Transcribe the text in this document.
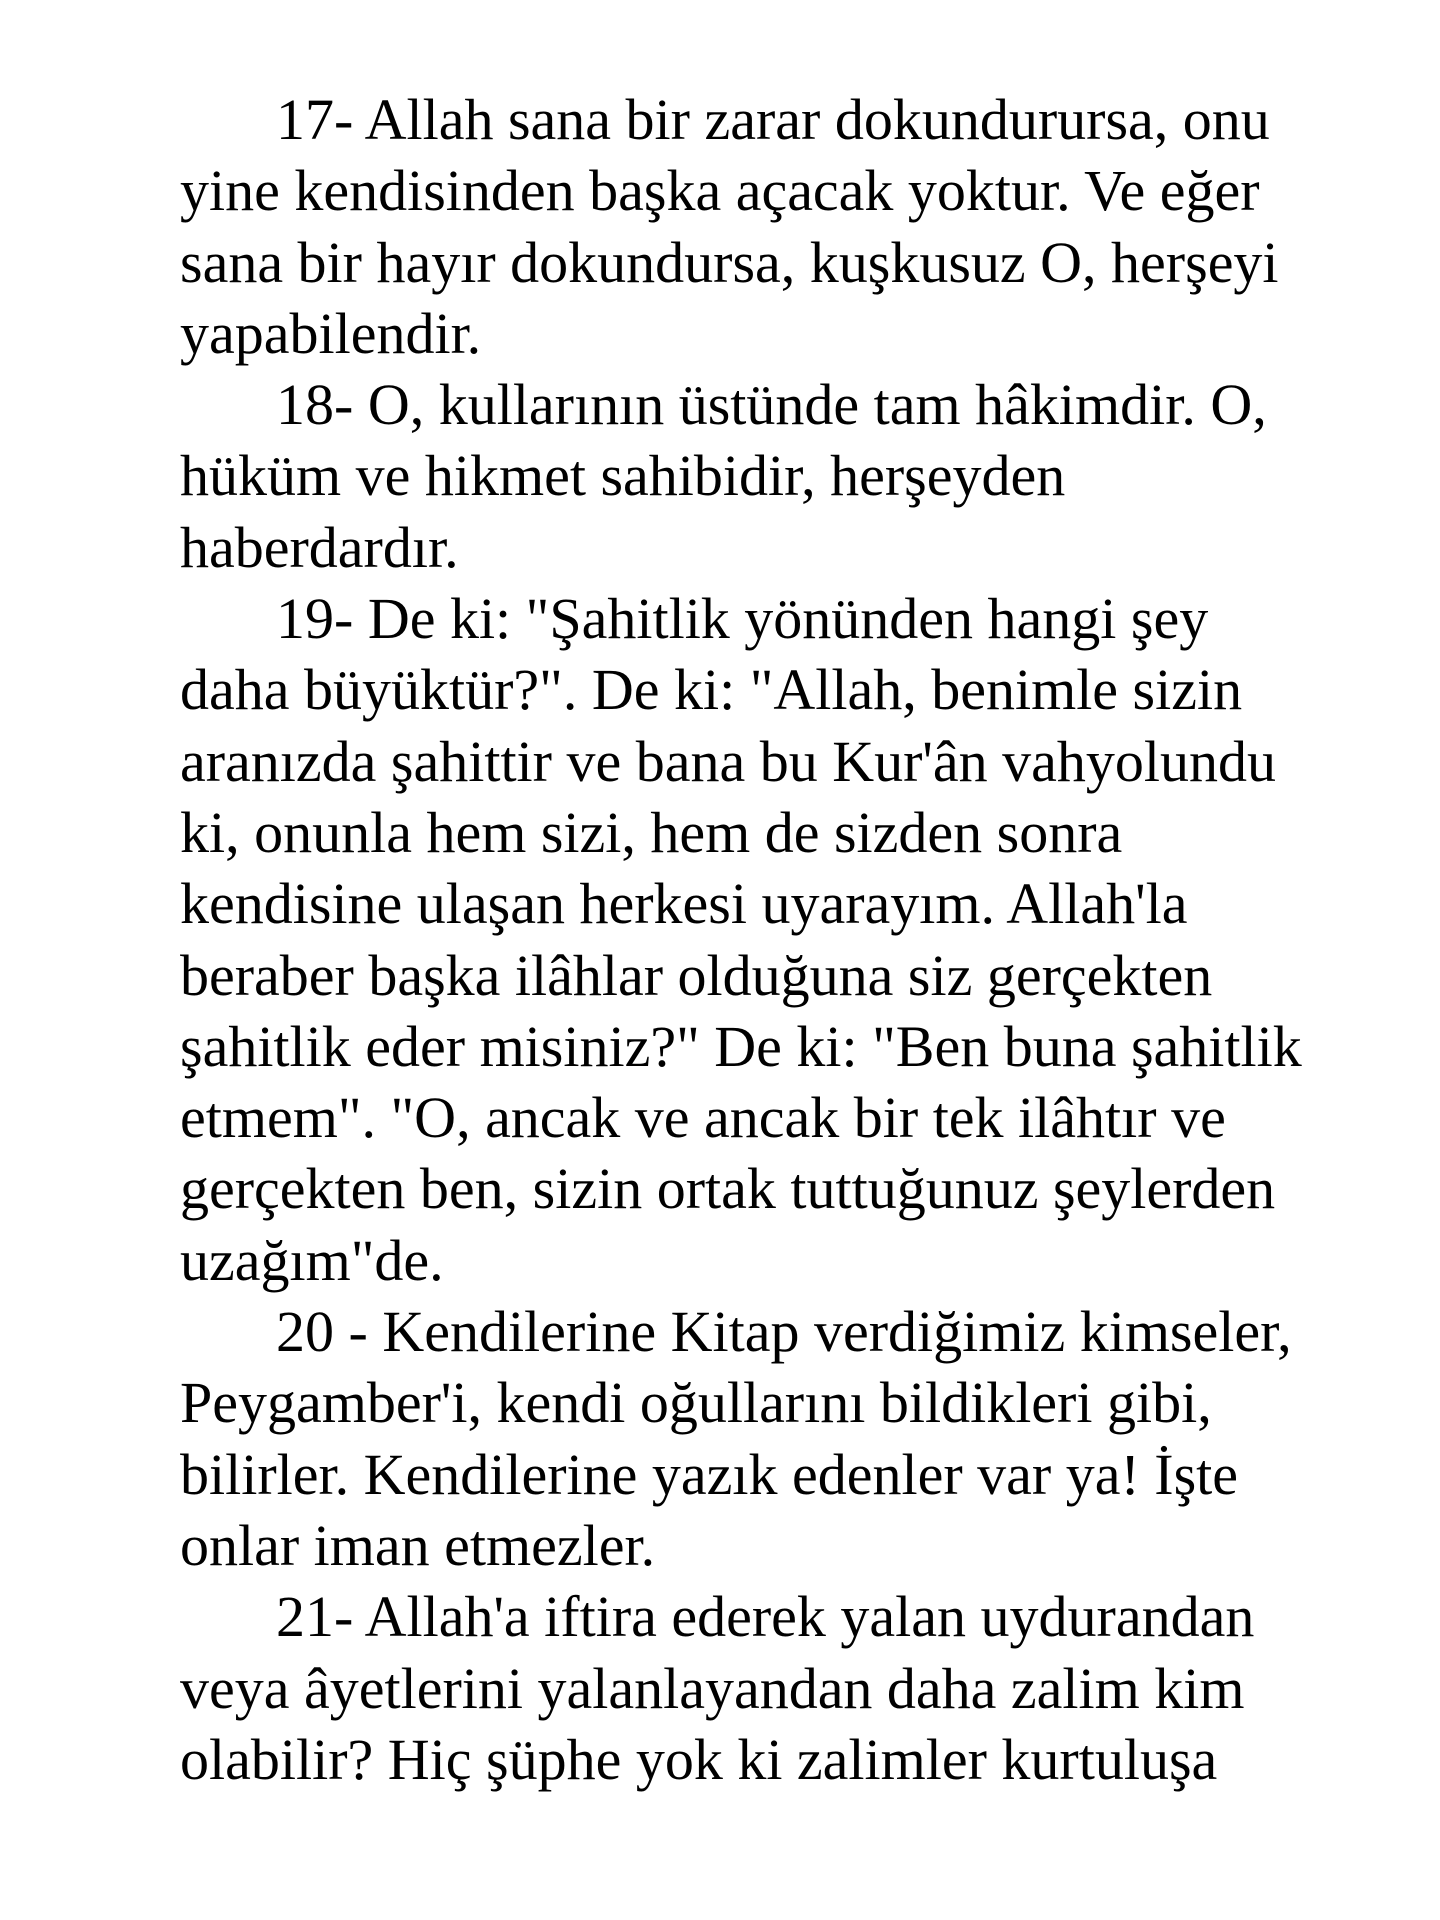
17- Allah sana bir zarar dokundurursa, onu
yine kendisinden başka açacak yoktur. Ve eğer
sana bir hayır dokundursa, kuşkusuz O, herşeyi
yapabilendir.
18- O, kullarının üstünde tam hâkimdir. O,
hüküm ve hikmet sahibidir, herşeyden
haberdardır.
19- De ki: "Şahitlik yönünden hangi şey
daha büyüktür?". De ki: "Allah, benimle sizin
aranızda şahittir ve bana bu Kur'ân vahyolundu
ki, onunla hem sizi, hem de sizden sonra
kendisine ulaşan herkesi uyarayım. Allah'la
beraber başka ilâhlar olduğuna siz gerçekten
şahitlik eder misiniz?" De ki: "Ben buna şahitlik
etmem". "O, ancak ve ancak bir tek ilâhtır ve
gerçekten ben, sizin ortak tuttuğunuz şeylerden
uzağım"de.
20 - Kendilerine Kitap verdiğimiz kimseler,
Peygamber'i, kendi oğullarını bildikleri gibi,
bilirler. Kendilerine yazık edenler var ya! İşte
onlar iman etmezler.
21- Allah'a iftira ederek yalan uydurandan
veya âyetlerini yalanlayandan daha zalim kim
olabilir? Hiç şüphe yok ki zalimler kurtuluşa
